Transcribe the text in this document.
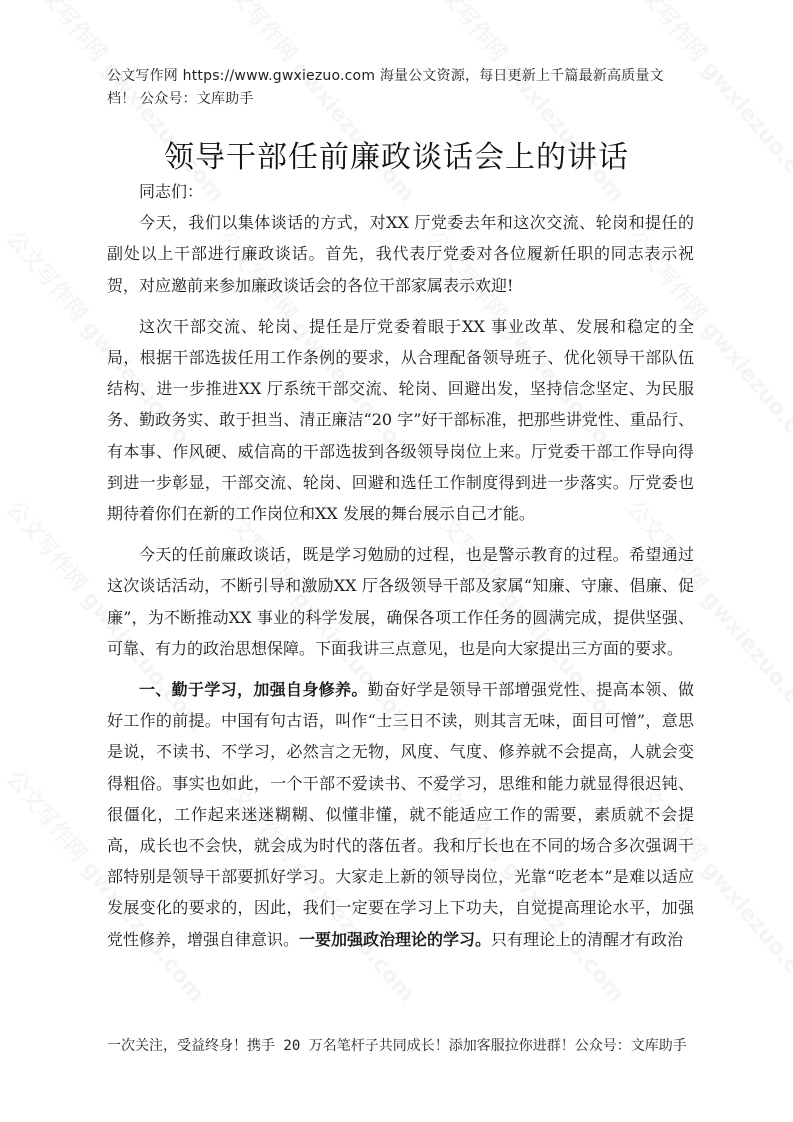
公文写作网 https://www.gwxiezuo.com 海量公文资源，每日更新上千篇最新高质量文档！ 公众号：文库助手
领导干部任前廉政谈话会上的讲话

同志们：

今天，我们以集体谈话的方式，对XX 厅党委去年和这次交流、轮岗和提任的副处以上干部进行廉政谈话。首先，我代表厅党委对各位履新任职的同志表示祝贺，对应邀前来参加廉政谈话会的各位干部家属表示欢迎!

这次干部交流、轮岗、提任是厅党委着眼于XX 事业改革、发展和稳定的全局，根据干部选拔任用工作条例的要求，从合理配备领导班子、优化领导干部队伍结构、进一步推进XX 厅系统干部交流、轮岗、回避出发，坚持信念坚定、为民服务、勤政务实、敢于担当、清正廉洁“20 字”好干部标准，把那些讲党性、重品行、有本事、作风硬、威信高的干部选拔到各级领导岗位上来。厅党委干部工作导向得到进一步彰显，干部交流、轮岗、回避和选任工作制度得到进一步落实。厅党委也期待着你们在新的工作岗位和XX 发展的舞台展示自己才能。

今天的任前廉政谈话，既是学习勉励的过程，也是警示教育的过程。希望通过这次谈话活动，不断引导和激励XX 厅各级领导干部及家属“知廉、守廉、倡廉、促廉”，为不断推动XX 事业的科学发展，确保各项工作任务的圆满完成，提供坚强、可靠、有力的政治思想保障。下面我讲三点意见，也是向大家提出三方面的要求。

一、勤于学习，加强自身修养。勤奋好学是领导干部增强党性、提高本领、做好工作的前提。中国有句古语，叫作“士三日不读，则其言无味，面目可憎”，意思是说，不读书、不学习，必然言之无物，风度、气度、修养就不会提高，人就会变得粗俗。事实也如此，一个干部不爱读书、不爱学习，思维和能力就显得很迟钝、很僵化，工作起来迷迷糊糊、似懂非懂，就不能适应工作的需要，素质就不会提高，成长也不会快，就会成为时代的落伍者。我和厅长也在不同的场合多次强调干部特别是领导干部要抓好学习。大家走上新的领导岗位，光靠“吃老本”是难以适应发展变化的要求的，因此，我们一定要在学习上下功夫，自觉提高理论水平，加强党性修养，增强自律意识。一要加强政治理论的学习。只有理论上的清醒才有政治

一次关注，受益终身！携手 20 万名笔杆子共同成长！添加客服拉你进群！公众号：文库助手
